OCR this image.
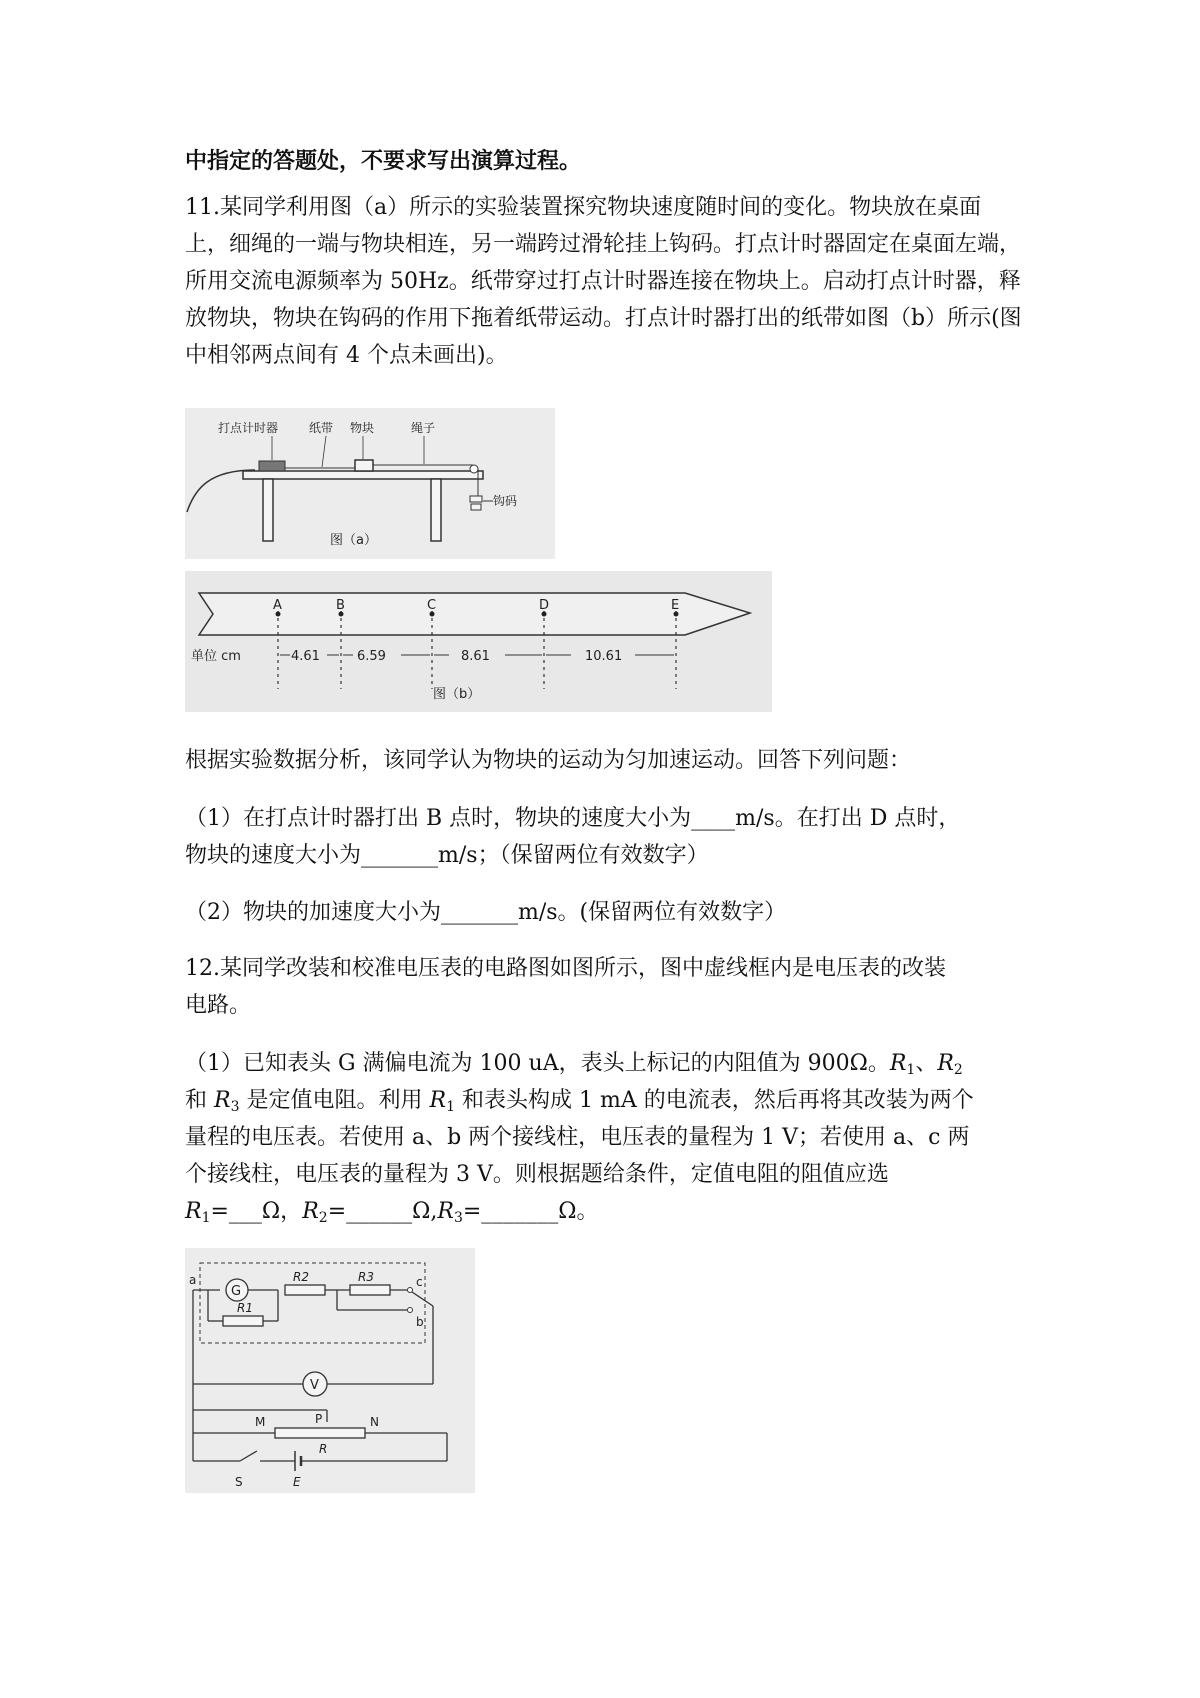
中指定的答题处，不要求写出演算过程。
11.某同学利用图（a）所示的实验装置探究物块速度随时间的变化。物块放在桌面上，细绳的一端与物块相连，另一端跨过滑轮挂上钩码。打点计时器固定在桌面左端，所用交流电源频率为 50Hz。纸带穿过打点计时器连接在物块上。启动打点计时器，释放物块，物块在钩码的作用下拖着纸带运动。打点计时器打出的纸带如图（b）所示(图中相邻两点间有 4 个点未画出)。
打点计时器	纸带 物块	绳子
钩码
图（a）
A	B	C	D	E
单位 cm	4.61	6.59	8.61	10.61
图（b）
根据实验数据分析，该同学认为物块的运动为匀加速运动。回答下列问题：
（1）在打点计时器打出 B 点时，物块的速度大小为____m/s。在打出 D 点时，
物块的速度大小为_______m/s；（保留两位有效数字）
（2）物块的加速度大小为_______m/s。(保留两位有效数字）
12.某同学改装和校准电压表的电路图如图所示，图中虚线框内是电压表的改装
电路。
（1）已知表头 G 满偏电流为 100 uA，表头上标记的内阻值为 900Ω。$R_1$、$R_2$
和 $R_3$ 是定值电阻。利用 $R_1$ 和表头构成 1 mA 的电流表，然后再将其改装为两个
量程的电压表。若使用 a、b 两个接线柱，电压表的量程为 1 V；若使用 a、c 两
个接线柱，电压表的量程为 3 V。则根据题给条件，定值电阻的阻值应选
$R_1=\_\_\_\Omega$，$R_2=\_\_\_\_\_\_\Omega,R_3=\_\_\_\_\_\_\_\Omega$。
G
R1
R2	R3
a	c
b
V
P
M	N
R
S	E
